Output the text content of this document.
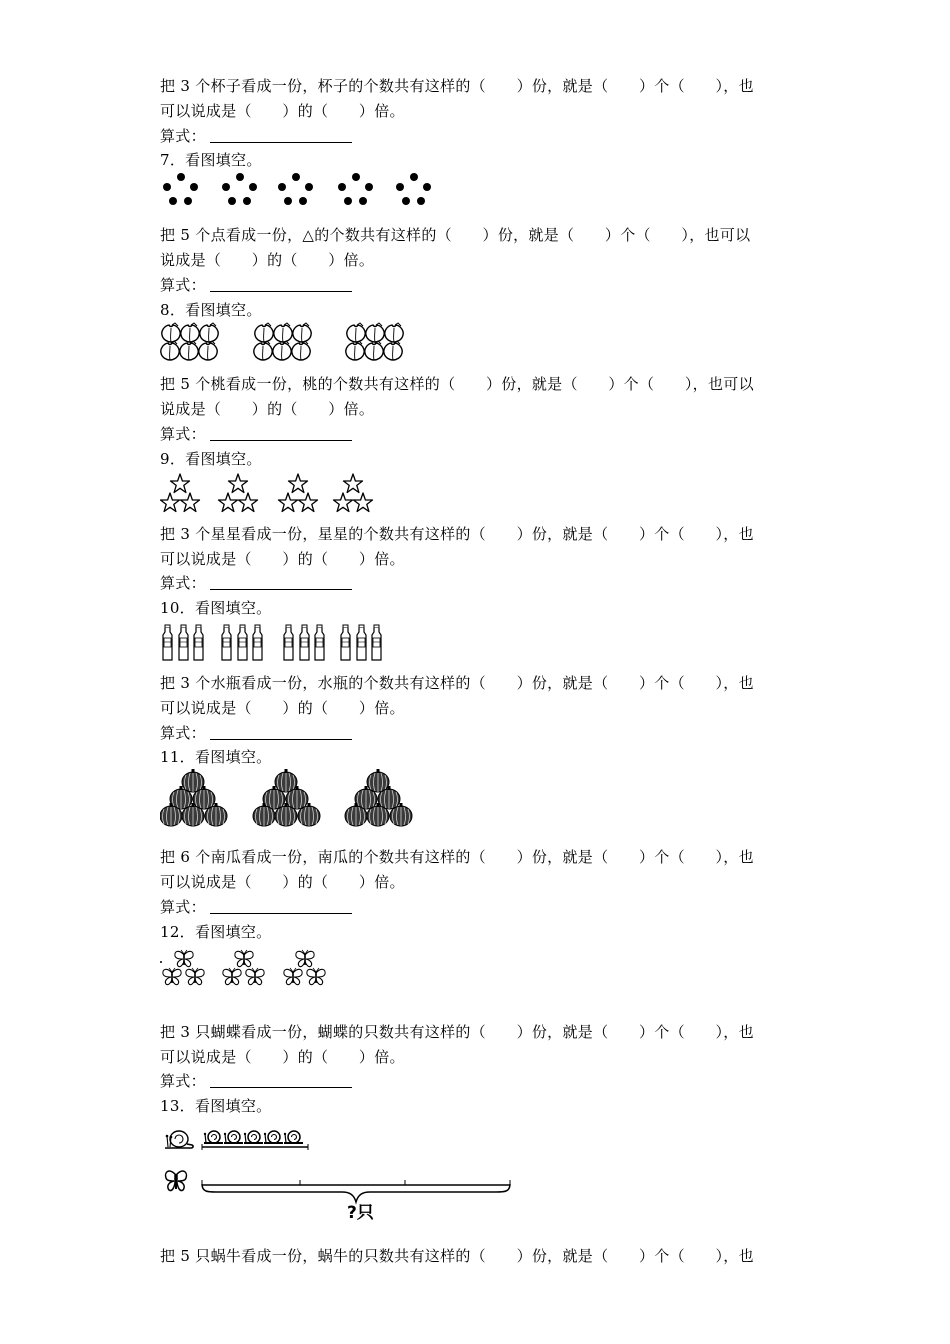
把 3 个杯子看成一份，杯子的个数共有这样的（　　）份，就是（　　）个（　　），也
可以说成是（　　）的（　　）倍。
算式：
7．看图填空。
把 5 个点看成一份，△的个数共有这样的（　　）份，就是（　　）个（　　），也可以
说成是（　　）的（　　）倍。
算式：
8．看图填空。
把 5 个桃看成一份，桃的个数共有这样的（　　）份，就是（　　）个（　　），也可以
说成是（　　）的（　　）倍。
算式：
9．看图填空。
把 3 个星星看成一份，星星的个数共有这样的（　　）份，就是（　　）个（　　），也
可以说成是（　　）的（　　）倍。
算式：
10．看图填空。
把 3 个水瓶看成一份，水瓶的个数共有这样的（　　）份，就是（　　）个（　　），也
可以说成是（　　）的（　　）倍。
算式：
11．看图填空。
把 6 个南瓜看成一份，南瓜的个数共有这样的（　　）份，就是（　　）个（　　），也
可以说成是（　　）的（　　）倍。
算式：
12．看图填空。
把 3 只蝴蝶看成一份，蝴蝶的只数共有这样的（　　）份，就是（　　）个（　　），也
可以说成是（　　）的（　　）倍。
算式：
13．看图填空。
?只
把 5 只蜗牛看成一份，蜗牛的只数共有这样的（　　）份，就是（　　）个（　　），也
